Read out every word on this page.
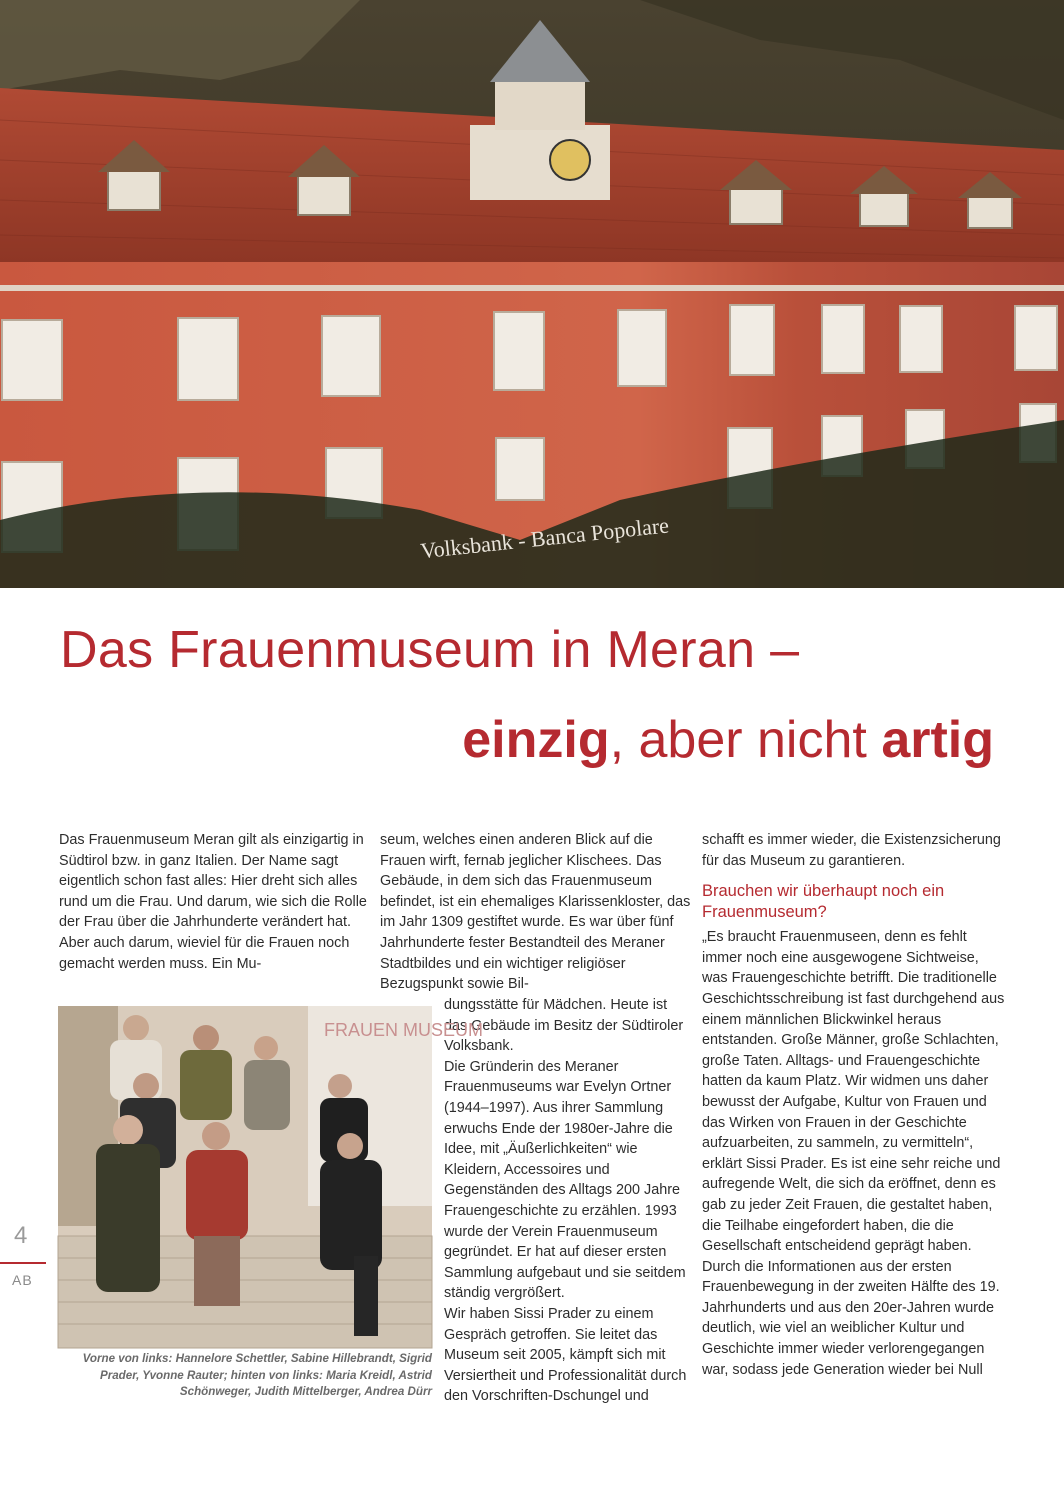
Volksbank - Banca Popolare
Das Frauenmuseum in Meran –
einzig, aber nicht artig

Das Frauenmuseum Meran gilt als einzigartig in Südtirol bzw. in ganz Italien. Der Name sagt eigentlich schon fast alles: Hier dreht sich alles rund um die Frau. Und darum, wie sich die Rolle der Frau über die Jahrhunderte verändert hat. Aber auch darum, wieviel für die Frauen noch gemacht werden muss. Ein Mu-

seum, welches einen anderen Blick auf die Frauen wirft, fernab jeglicher Klischees. Das Gebäude, in dem sich das Frauenmuseum befindet, ist ein ehemaliges Klarissenkloster, das im Jahr 1309 gestiftet wurde. Es war über fünf Jahrhunderte fester Bestandteil des Meraner Stadtbildes und ein wichtiger religiöser Bezugspunkt sowie Bil-

dungsstätte für Mädchen. Heute ist das Gebäude im Besitz der Südtiroler Volksbank.

Die Gründerin des Meraner Frauenmuseums war Evelyn Ortner (1944–1997). Aus ihrer Sammlung erwuchs Ende der 1980er-Jahre die Idee, mit „Äußerlichkeiten“ wie Kleidern, Accessoires und Gegenständen des Alltags 200 Jahre Frauengeschichte zu erzählen. 1993 wurde der Verein Frauenmuseum gegründet. Er hat auf dieser ersten Sammlung aufgebaut und sie seitdem ständig vergrößert.

Wir haben Sissi Prader zu einem Gespräch getroffen. Sie leitet das Museum seit 2005, kämpft sich mit Versiertheit und Professionalität durch den Vorschriften-Dschungel und

schafft es immer wieder, die Existenzsicherung für das Museum zu garantieren.

Brauchen wir überhaupt noch ein Frauenmuseum?

„Es braucht Frauenmuseen, denn es fehlt immer noch eine ausgewogene Sichtweise, was Frauengeschichte betrifft. Die traditionelle Geschichtsschreibung ist fast durchgehend aus einem männlichen Blickwinkel heraus entstanden. Große Männer, große Schlachten, große Taten. Alltags- und Frauengeschichte hatten da kaum Platz. Wir widmen uns daher bewusst der Aufgabe, Kultur von Frauen und das Wirken von Frauen in der Geschichte aufzuarbeiten, zu sammeln, zu vermitteln“, erklärt Sissi Prader. Es ist eine sehr reiche und aufregende Welt, die sich da eröffnet, denn es gab zu jeder Zeit Frauen, die gestaltet haben, die Teilhabe eingefordert haben, die die Gesellschaft entscheidend geprägt haben.

Durch die Informationen aus der ersten Frauenbewegung in der zweiten Hälfte des 19. Jahrhunderts und aus den 20er-Jahren wurde deutlich, wie viel an weiblicher Kultur und Geschichte immer wieder verlorengegangen war, sodass jede Generation wieder bei Null

FRAUEN MUSEUM
Vorne von links: Hannelore Schettler, Sabine Hillebrandt, Sigrid Prader, Yvonne Rauter; hinten von links: Maria Kreidl, Astrid Schönweger, Judith Mittelberger, Andrea Dürr
4
AB
